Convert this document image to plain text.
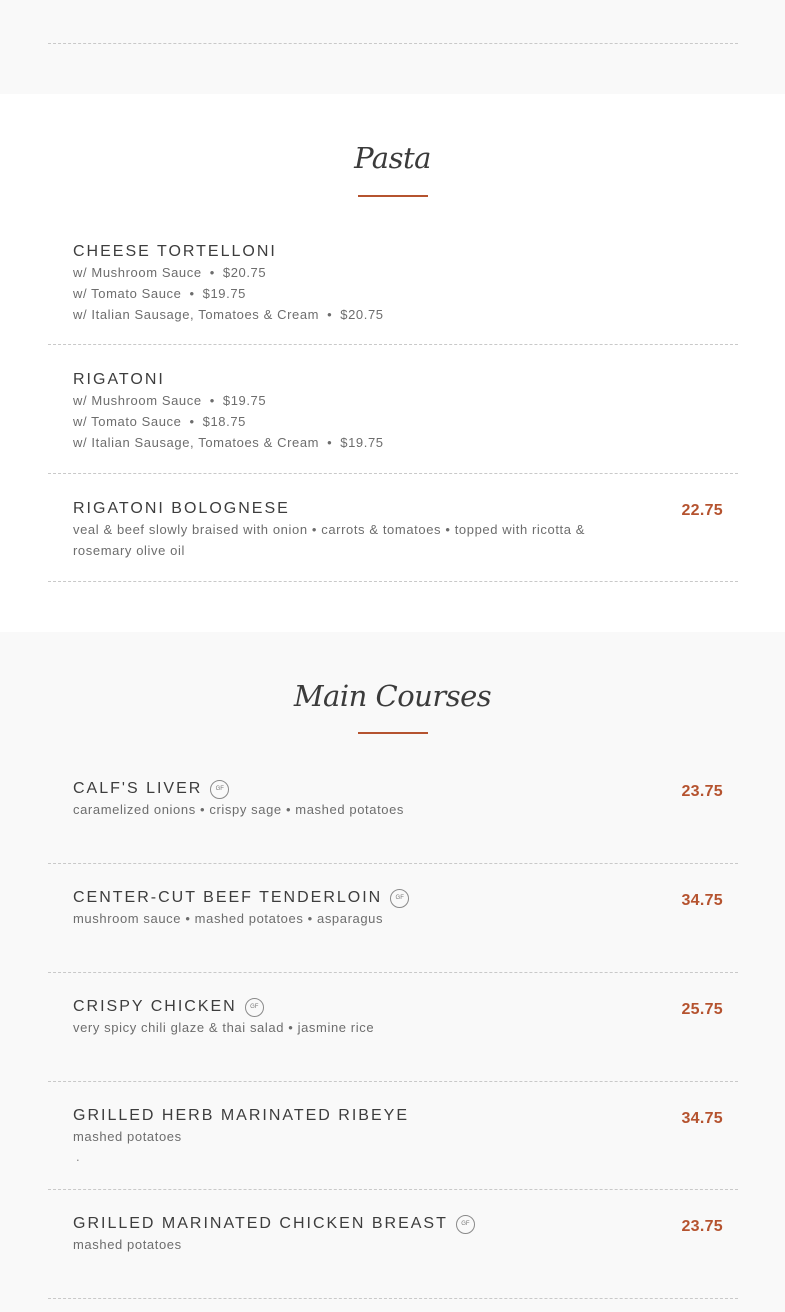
Pasta
CHEESE TORTELLONI
w/ Mushroom Sauce • $20.75
w/ Tomato Sauce • $19.75
w/ Italian Sausage, Tomatoes & Cream • $20.75
RIGATONI
w/ Mushroom Sauce • $19.75
w/ Tomato Sauce • $18.75
w/ Italian Sausage, Tomatoes & Cream • $19.75
RIGATONI BOLOGNESE
veal & beef slowly braised with onion • carrots & tomatoes • topped with ricotta & rosemary olive oil
22.75
Main Courses
CALF'S LIVER	GF
caramelized onions • crispy sage • mashed potatoes
23.75
CENTER-CUT BEEF TENDERLOIN	GF
mushroom sauce • mashed potatoes • asparagus
34.75
CRISPY CHICKEN	GF
very spicy chili glaze & thai salad • jasmine rice
25.75
GRILLED HERB MARINATED RIBEYE
mashed potatoes
.
34.75
GRILLED MARINATED CHICKEN BREAST	GF
mashed potatoes
23.75
